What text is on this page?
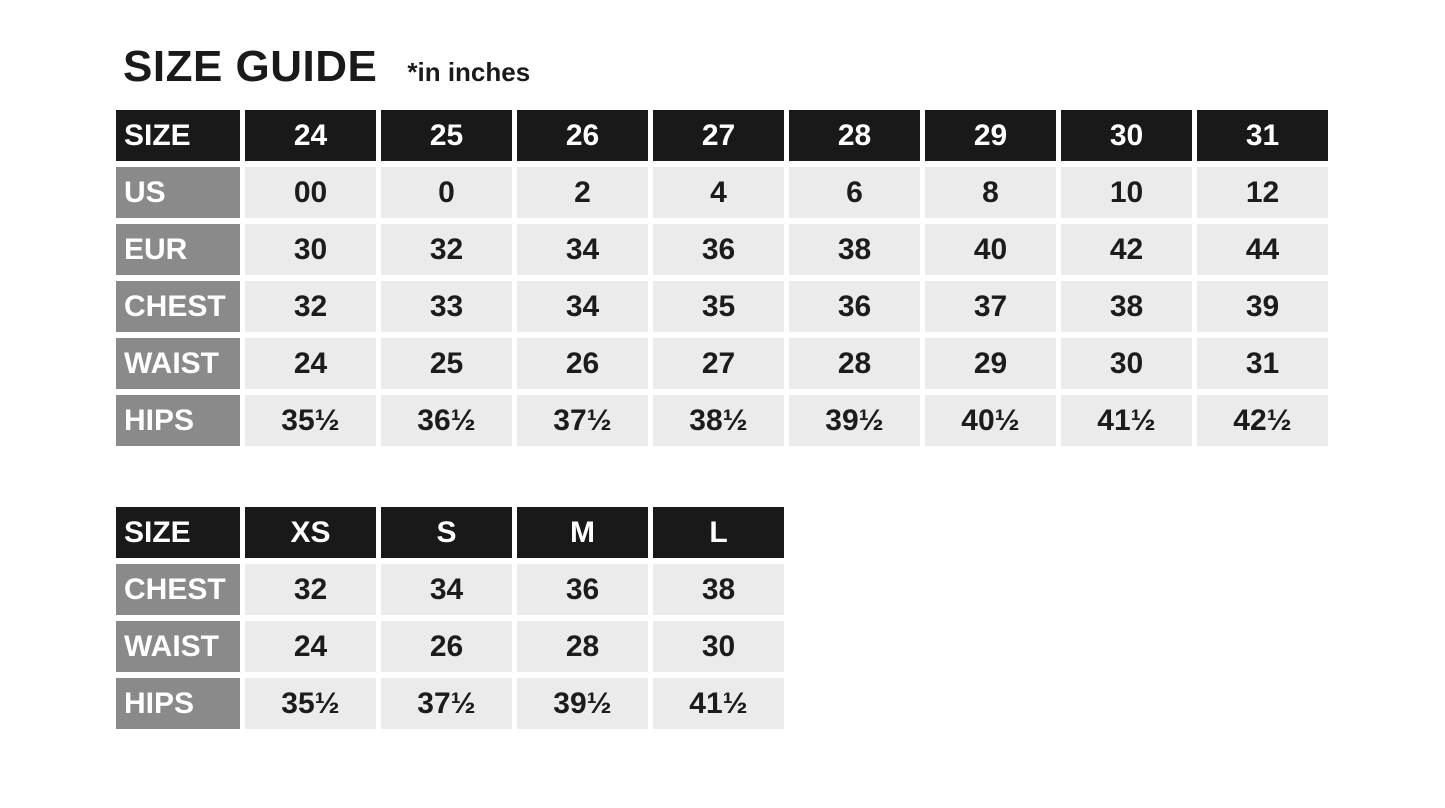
SIZE GUIDE *in inches
SIZE	24	25	26	27	28	29	30	31
US	00	0	2	4	6	8	10	12
EUR	30	32	34	36	38	40	42	44
CHEST	32	33	34	35	36	37	38	39
WAIST	24	25	26	27	28	29	30	31
HIPS	35½	36½	37½	38½	39½	40½	41½	42½
SIZE	XS	S	M	L
CHEST	32	34	36	38
WAIST	24	26	28	30
HIPS	35½	37½	39½	41½
